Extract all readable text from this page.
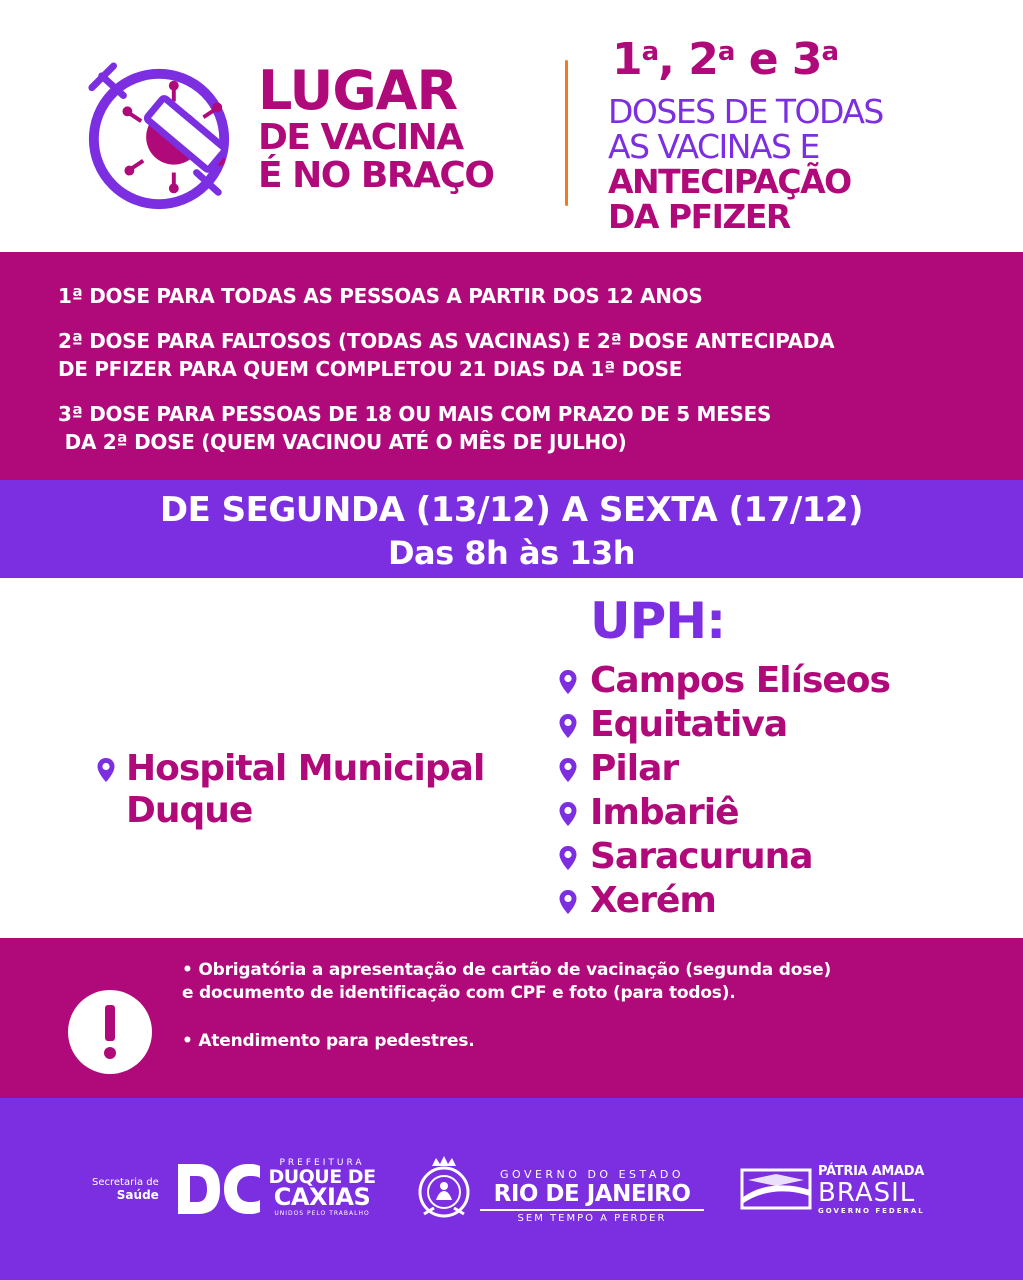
LUGAR
DE VACINA
É NO BRAÇO
1$^a$, 2$^a$ e 3$^a$
DOSES DE TODAS
AS VACINAS E
ANTECIPAÇÃO
DA PFIZER
1ª DOSE PARA TODAS AS PESSOAS A PARTIR DOS 12 ANOS
2ª DOSE PARA FALTOSOS (TODAS AS VACINAS) E 2ª DOSE ANTECIPADA
DE PFIZER PARA QUEM COMPLETOU 21 DIAS DA 1ª DOSE
3ª DOSE PARA PESSOAS DE 18 OU MAIS COM PRAZO DE 5 MESES
DA 2ª DOSE (QUEM VACINOU ATÉ O MÊS DE JULHO)
DE SEGUNDA (13/12) A SEXTA (17/12)
Das 8h às 13h
Hospital Municipal
Duque
UPH:
Campos Elíseos
Equitativa
Pilar
Imbariê
Saracuruna
Xerém
• Obrigatória a apresentação de cartão de vacinação (segunda dose)
e documento de identificação com CPF e foto (para todos).
• Atendimento para pedestres.
Secretaria de
Saúde
PREFEITURA
DUQUE DE
CAXIAS
UNIDOS PELO TRABALHO
GOVERNO DO ESTADO
RIO DE JANEIRO
SEM TEMPO A PERDER
PÁTRIA AMADA
BRASIL
GOVERNO FEDERAL
